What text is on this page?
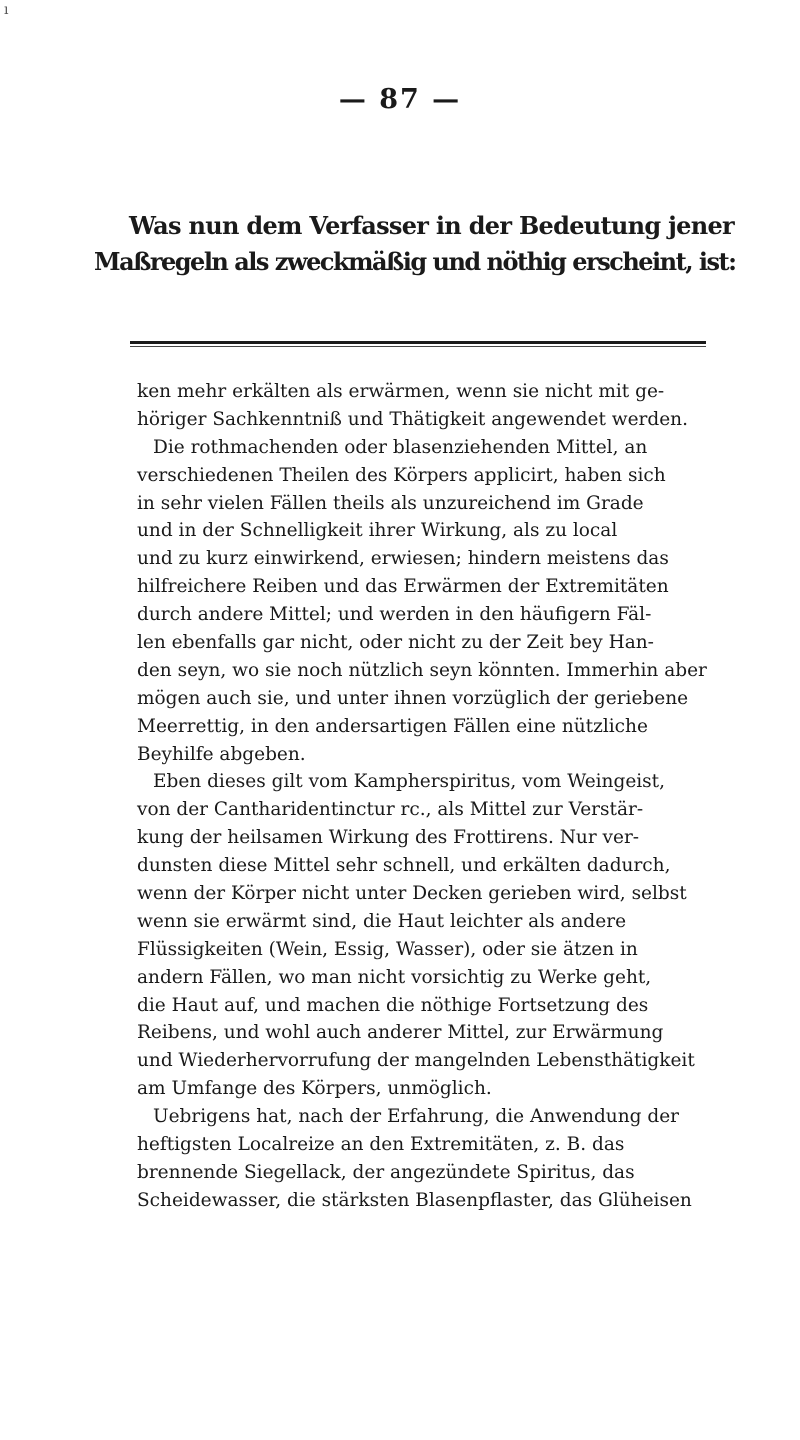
ı
— 87 —
Was nun dem Verfasser in der Bedeutung jener
Maßregeln als zweckmäßig und nöthig erscheint, ist:
ken mehr erkälten als erwärmen, wenn sie nicht mit ge-
höriger Sachkenntniß und Thätigkeit angewendet werden.
Die rothmachenden oder blasenziehenden Mittel, an
verschiedenen Theilen des Körpers applicirt, haben sich
in sehr vielen Fällen theils als unzureichend im Grade
und in der Schnelligkeit ihrer Wirkung, als zu local
und zu kurz einwirkend, erwiesen; hindern meistens das
hilfreichere Reiben und das Erwärmen der Extremitäten
durch andere Mittel; und werden in den häufigern Fäl-
len ebenfalls gar nicht, oder nicht zu der Zeit bey Han-
den seyn, wo sie noch nützlich seyn könnten. Immerhin aber
mögen auch sie, und unter ihnen vorzüglich der geriebene
Meerrettig, in den andersartigen Fällen eine nützliche
Beyhilfe abgeben.
Eben dieses gilt vom Kampherspiritus, vom Weingeist,
von der Cantharidentinctur rc., als Mittel zur Verstär-
kung der heilsamen Wirkung des Frottirens. Nur ver-
dunsten diese Mittel sehr schnell, und erkälten dadurch,
wenn der Körper nicht unter Decken gerieben wird, selbst
wenn sie erwärmt sind, die Haut leichter als andere
Flüssigkeiten (Wein, Essig, Wasser), oder sie ätzen in
andern Fällen, wo man nicht vorsichtig zu Werke geht,
die Haut auf, und machen die nöthige Fortsetzung des
Reibens, und wohl auch anderer Mittel, zur Erwärmung
und Wiederhervorrufung der mangelnden Lebensthätigkeit
am Umfange des Körpers, unmöglich.
Uebrigens hat, nach der Erfahrung, die Anwendung der
heftigsten Localreize an den Extremitäten, z. B. das
brennende Siegellack, der angezündete Spiritus, das
Scheidewasser, die stärksten Blasenpflaster, das Glüheisen
